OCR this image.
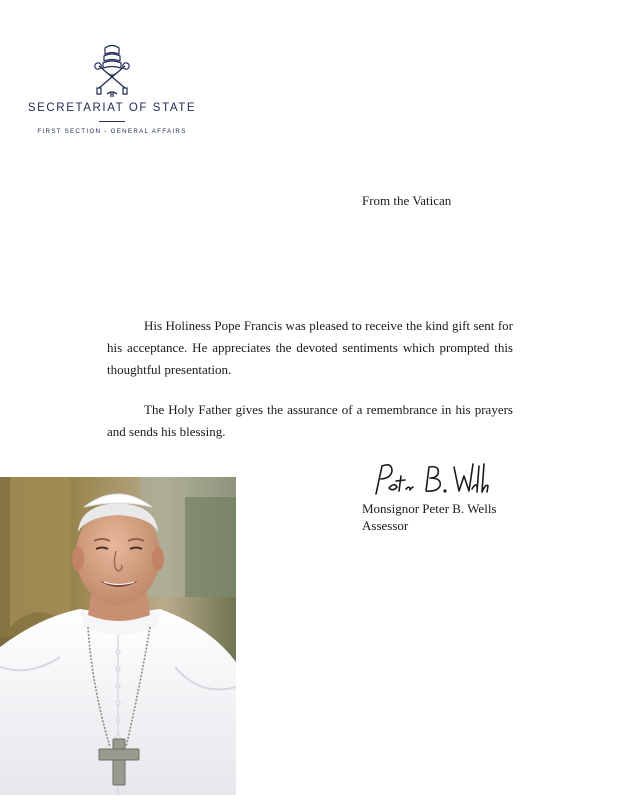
SECRETARIAT OF STATE
FIRST SECTION - GENERAL AFFAIRS
From the Vatican

His Holiness Pope Francis was pleased to receive the kind gift sent for his acceptance. He appreciates the devoted sentiments which prompted this thoughtful presentation.

The Holy Father gives the assurance of a remembrance in his prayers and sends his blessing.

Monsignor Peter B. Wells
Assessor
